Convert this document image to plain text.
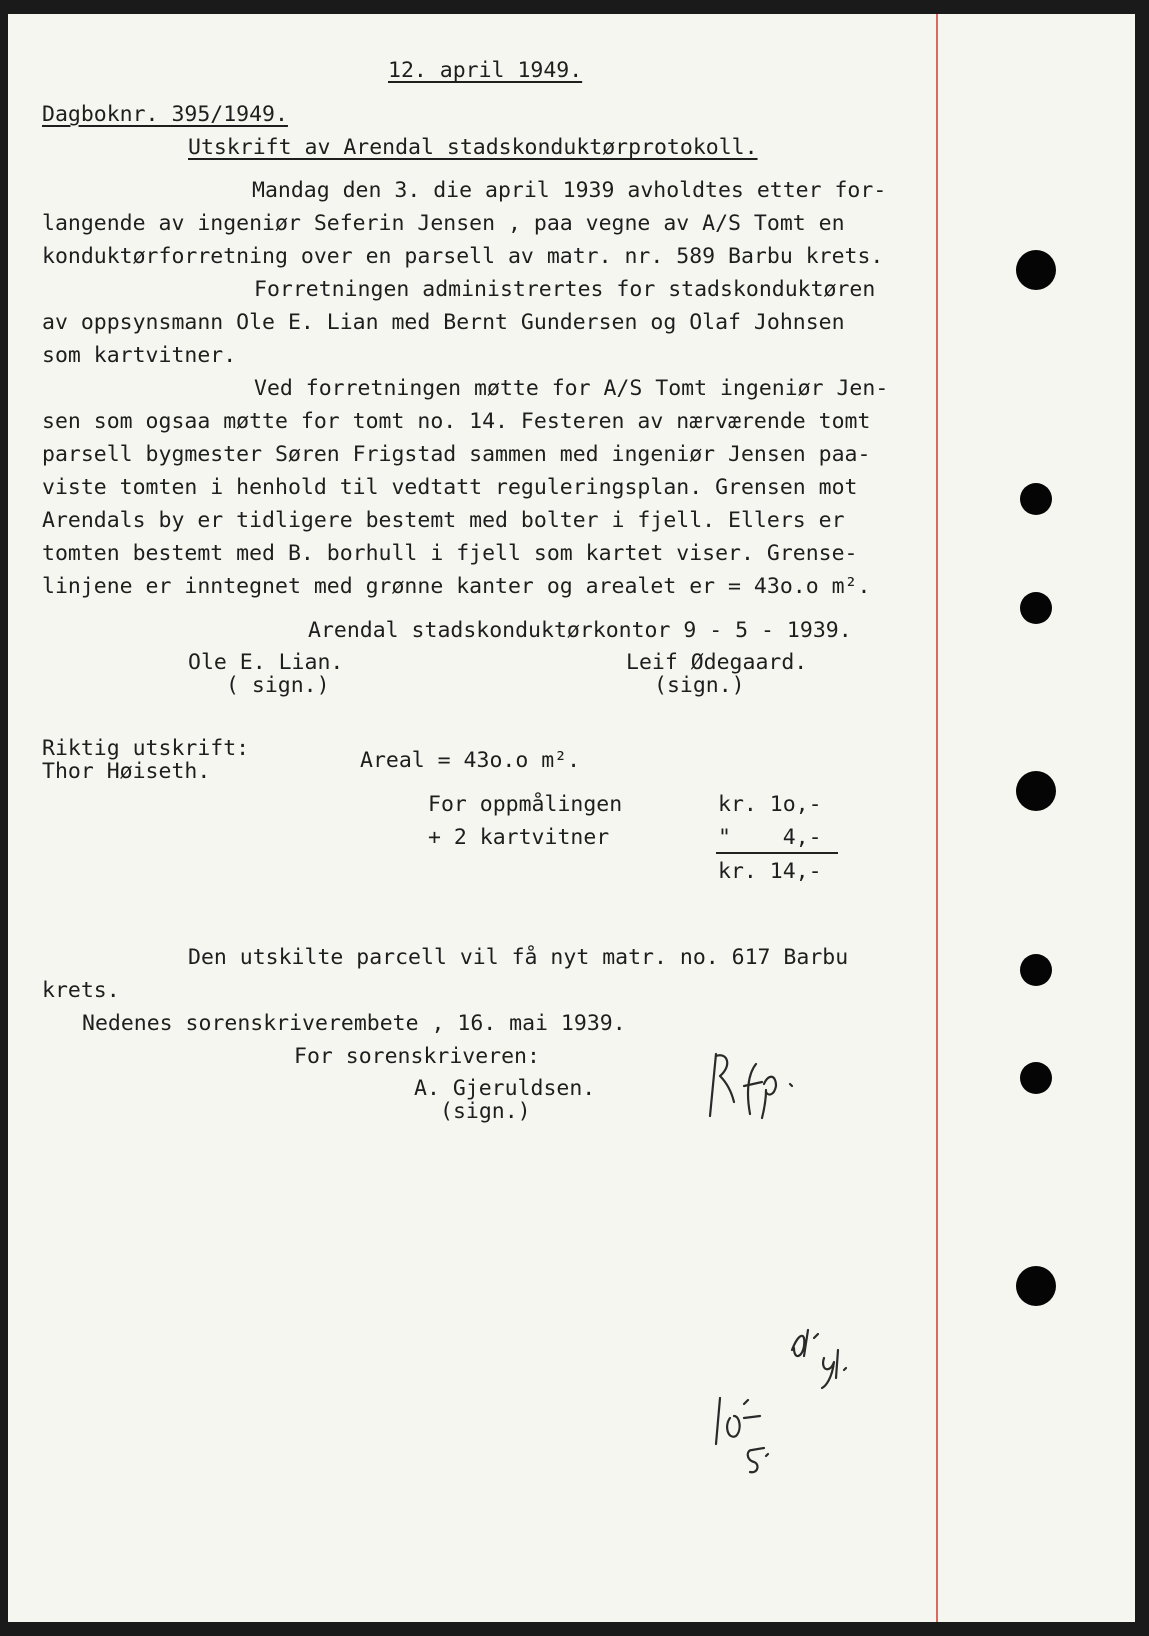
12. april 1949.
Dagboknr. 395/1949.
Utskrift av Arendal stadskonduktørprotokoll.
Mandag den 3. die april 1939 avholdtes etter for-
langende av ingeniør Seferin Jensen , paa vegne av A/S Tomt en
konduktørforretning over en parsell av matr. nr. 589 Barbu krets.
Forretningen administrertes for stadskonduktøren
av oppsynsmann Ole E. Lian med Bernt Gundersen og Olaf Johnsen
som kartvitner.
Ved forretningen møtte for A/S Tomt ingeniør Jen-
sen som ogsaa møtte for tomt no. 14. Festeren av nærværende tomt
parsell bygmester Søren Frigstad sammen med ingeniør Jensen paa-
viste tomten i henhold til vedtatt reguleringsplan. Grensen mot
Arendals by er tidligere bestemt med bolter i fjell. Ellers er
tomten bestemt med B. borhull i fjell som kartet viser. Grense-
linjene er inntegnet med grønne kanter og arealet er = 43o.o m².
Arendal stadskonduktørkontor 9 - 5 - 1939.
Ole E. Lian.
( sign.)
Leif Ødegaard.
(sign.)
Riktig utskrift:
Thor Høiseth.	Areal = 43o.o m².
For oppmålingen	kr. 1o,-
+ 2 kartvitner	"    4,-
kr. 14,-
Den utskilte parcell vil få nyt matr. no. 617 Barbu
krets.
Nedenes sorenskriverembete , 16. mai 1939.
For sorenskriveren:
A. Gjeruldsen.
(sign.)
